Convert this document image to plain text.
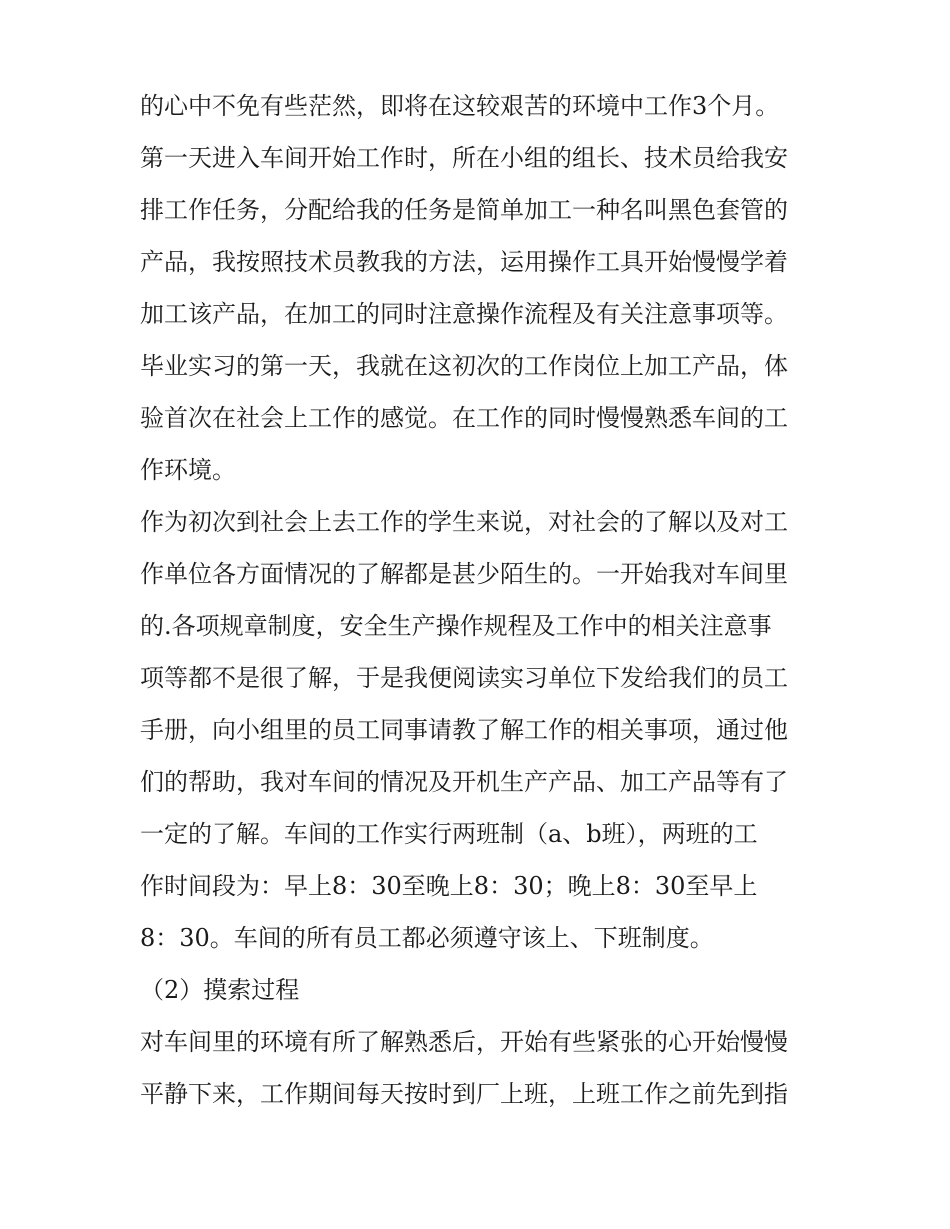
的心中不免有些茫然，即将在这较艰苦的环境中工作3个月。
第一天进入车间开始工作时，所在小组的组长、技术员给我安
排工作任务，分配给我的任务是简单加工一种名叫黑色套管的
产品，我按照技术员教我的方法，运用操作工具开始慢慢学着
加工该产品，在加工的同时注意操作流程及有关注意事项等。
毕业实习的第一天，我就在这初次的工作岗位上加工产品，体
验首次在社会上工作的感觉。在工作的同时慢慢熟悉车间的工
作环境。
作为初次到社会上去工作的学生来说，对社会的了解以及对工
作单位各方面情况的了解都是甚少陌生的。一开始我对车间里
的.各项规章制度，安全生产操作规程及工作中的相关注意事
项等都不是很了解，于是我便阅读实习单位下发给我们的员工
手册，向小组里的员工同事请教了解工作的相关事项，通过他
们的帮助，我对车间的情况及开机生产产品、加工产品等有了
一定的了解。车间的工作实行两班制（a、b班），两班的工
作时间段为：早上8：30至晚上8：30；晚上8：30至早上
8：30。车间的所有员工都必须遵守该上、下班制度。
（2）摸索过程
对车间里的环境有所了解熟悉后，开始有些紧张的心开始慢慢
平静下来，工作期间每天按时到厂上班，上班工作之前先到指
